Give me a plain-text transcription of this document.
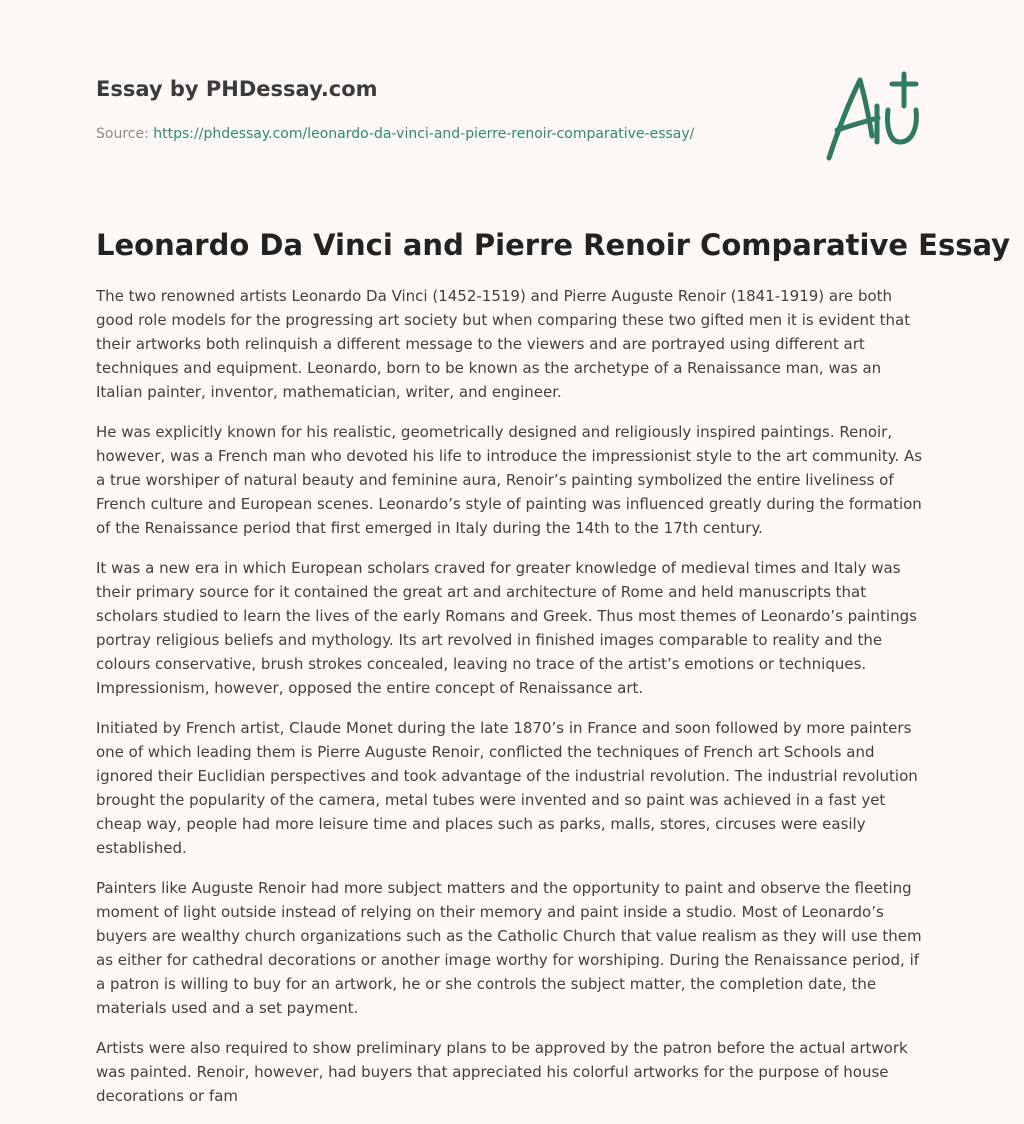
Essay by PHDessay.com
Source: https://phdessay.com/leonardo-da-vinci-and-pierre-renoir-comparative-essay/
Leonardo Da Vinci and Pierre Renoir Comparative Essay

The two renowned artists Leonardo Da Vinci (1452-1519) and Pierre Auguste Renoir (1841-1919) are both good role models for the progressing art society but when comparing these two gifted men it is evident that their artworks both relinquish a different message to the viewers and are portrayed using different art techniques and equipment. Leonardo, born to be known as the archetype of a Renaissance man, was an Italian painter, inventor, mathematician, writer, and engineer.

He was explicitly known for his realistic, geometrically designed and religiously inspired paintings. Renoir, however, was a French man who devoted his life to introduce the impressionist style to the art community. As a true worshiper of natural beauty and feminine aura, Renoir’s painting symbolized the entire liveliness of French culture and European scenes. Leonardo’s style of painting was influenced greatly during the formation of the Renaissance period that first emerged in Italy during the 14th to the 17th century.

It was a new era in which European scholars craved for greater knowledge of medieval times and Italy was their primary source for it contained the great art and architecture of Rome and held manuscripts that scholars studied to learn the lives of the early Romans and Greek. Thus most themes of Leonardo’s paintings portray religious beliefs and mythology. Its art revolved in finished images comparable to reality and the colours conservative, brush strokes concealed, leaving no trace of the artist’s emotions or techniques. Impressionism, however, opposed the entire concept of Renaissance art.

Initiated by French artist, Claude Monet during the late 1870’s in France and soon followed by more painters one of which leading them is Pierre Auguste Renoir, conflicted the techniques of French art Schools and ignored their Euclidian perspectives and took advantage of the industrial revolution. The industrial revolution brought the popularity of the camera, metal tubes were invented and so paint was achieved in a fast yet cheap way, people had more leisure time and places such as parks, malls, stores, circuses were easily established.

Painters like Auguste Renoir had more subject matters and the opportunity to paint and observe the fleeting moment of light outside instead of relying on their memory and paint inside a studio. Most of Leonardo’s buyers are wealthy church organizations such as the Catholic Church that value realism as they will use them as either for cathedral decorations or another image worthy for worshiping. During the Renaissance period, if a patron is willing to buy for an artwork, he or she controls the subject matter, the completion date, the materials used and a set payment.

Artists were also required to show preliminary plans to be approved by the patron before the actual artwork was painted. Renoir, however, had buyers that appreciated his colorful artworks for the purpose of house decorations or fam
